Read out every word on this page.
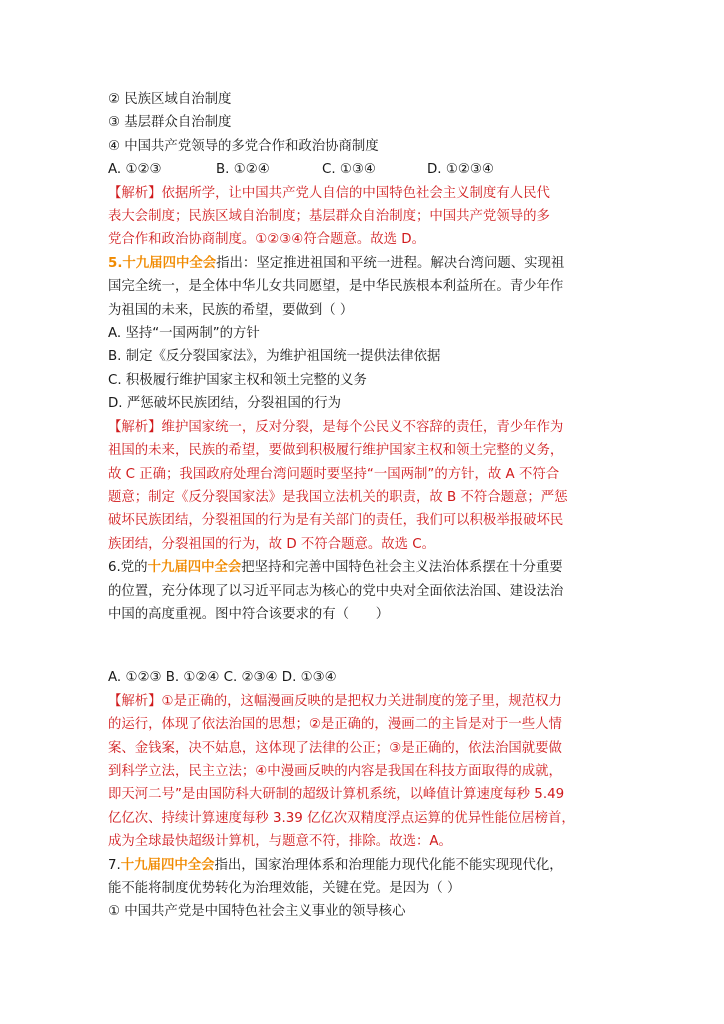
② 民族区域自治制度
③ 基层群众自治制度
④ 中国共产党领导的多党合作和政治协商制度
A. ①②③	B. ①②④	C. ①③④	D. ①②③④
【解析】依据所学，让中国共产党人自信的中国特色社会主义制度有人民代
表大会制度；民族区域自治制度；基层群众自治制度；中国共产党领导的多
党合作和政治协商制度。①②③④符合题意。故选 D。
5.十九届四中全会指出：坚定推进祖国和平统一进程。解决台湾问题、实现祖
国完全统一，是全体中华儿女共同愿望，是中华民族根本利益所在。青少年作
为祖国的未来，民族的希望，要做到（ ）
A. 坚持“一国两制”的方针
B. 制定《反分裂国家法》，为维护祖国统一提供法律依据
C. 积极履行维护国家主权和领土完整的义务
D. 严惩破坏民族团结，分裂祖国的行为
【解析】维护国家统一，反对分裂，是每个公民义不容辞的责任，青少年作为
祖国的未来，民族的希望，要做到积极履行维护国家主权和领土完整的义务，
故 C 正确；我国政府处理台湾问题时要坚持“一国两制”的方针，故 A 不符合
题意；制定《反分裂国家法》是我国立法机关的职责，故 B 不符合题意；严惩
破坏民族团结，分裂祖国的行为是有关部门的责任，我们可以积极举报破坏民
族团结，分裂祖国的行为，故 D 不符合题意。故选 C。
6.党的十九届四中全会把坚持和完善中国特色社会主义法治体系摆在十分重要
的位置，充分体现了以习近平同志为核心的党中央对全面依法治国、建设法治
中国的高度重视。图中符合该要求的有（　　）
A. ①②③ B. ①②④ C. ②③④ D. ①③④
【解析】①是正确的，这幅漫画反映的是把权力关进制度的笼子里，规范权力
的运行，体现了依法治国的思想；②是正确的，漫画二的主旨是对于一些人情
案、金钱案，决不姑息，这体现了法律的公正；③是正确的，依法治国就要做
到科学立法，民主立法；④中漫画反映的内容是我国在科技方面取得的成就，
即天河二号”是由国防科大研制的超级计算机系统，以峰值计算速度每秒 5.49
亿亿次、持续计算速度每秒 3.39 亿亿次双精度浮点运算的优异性能位居榜首，
成为全球最快超级计算机，与题意不符，排除。故选：A。
7.十九届四中全会指出，国家治理体系和治理能力现代化能不能实现现代化，
能不能将制度优势转化为治理效能，关键在党。是因为（ ）
① 中国共产党是中国特色社会主义事业的领导核心
